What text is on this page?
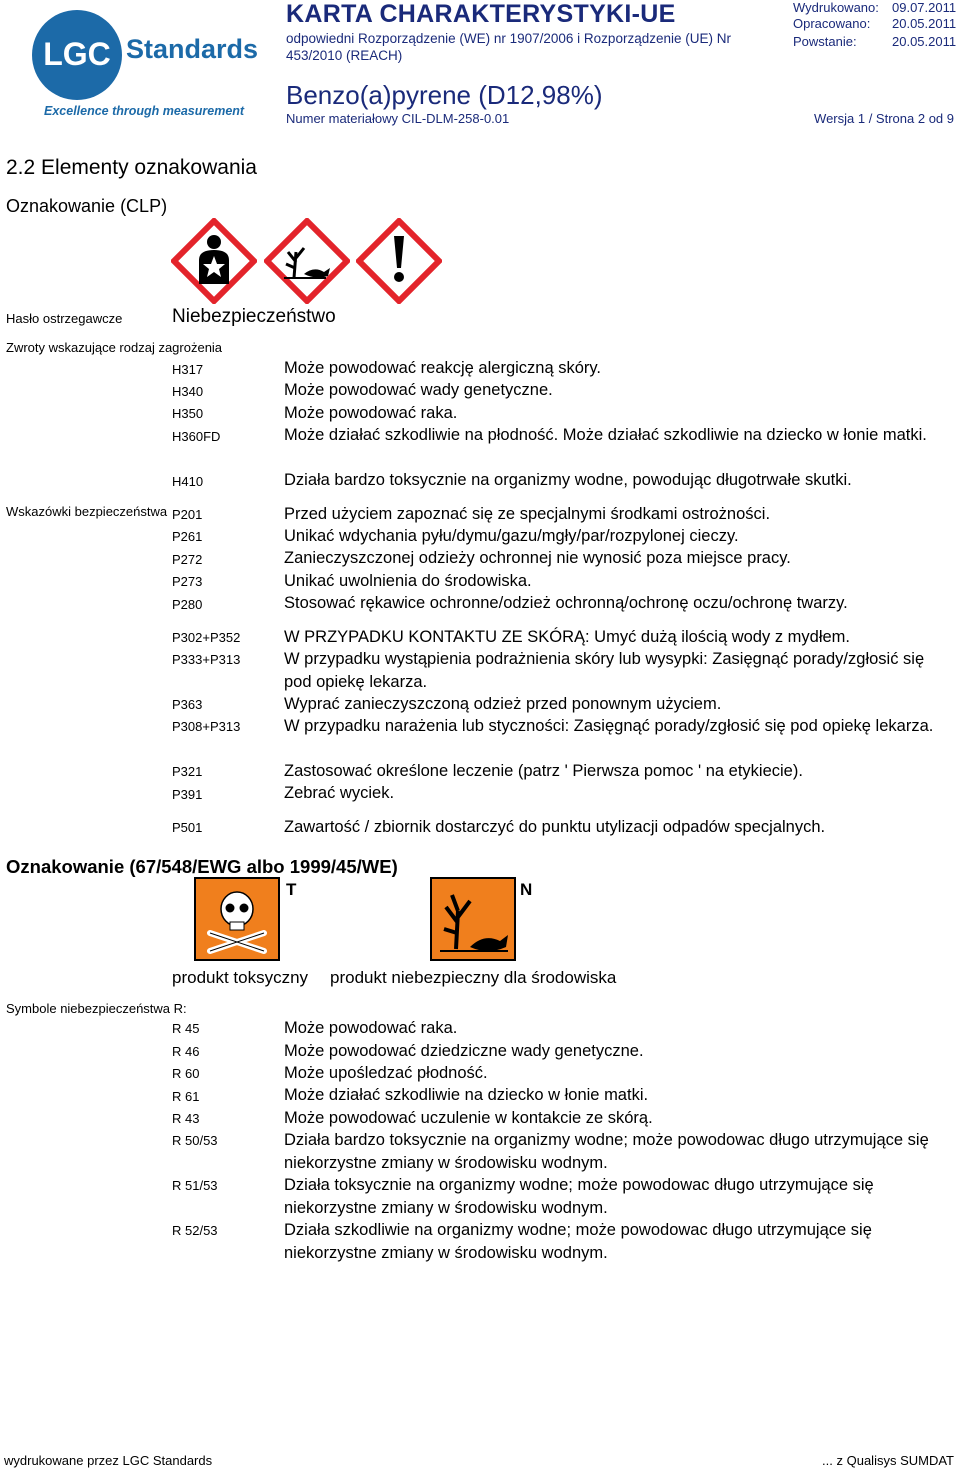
LGC Standards
Excellence through measurement
KARTA CHARAKTERYSTYKI-UE
odpowiedni Rozporządzenie (WE) nr 1907/2006 i Rozporządzenie (UE) Nr 453/2010 (REACH)
Wydrukowano: 09.07.2011
Opracowano: 20.05.2011
Powstanie:	20.05.2011
Benzo(a)pyrene (D12,98%)
Numer materiałowy CIL-DLM-258-0.01	Wersja 1 / Strona 2 od 9
2.2 Elementy oznakowania
Oznakowanie (CLP)
Hasło ostrzegawcze	Niebezpieczeństwo
Zwroty wskazujące rodzaj zagrożenia
H317	Może powodować reakcję alergiczną skóry.
H340	Może powodować wady genetyczne.
H350	Może powodować raka.
H360FD	Może działać szkodliwie na płodność. Może działać szkodliwie na dziecko w łonie matki.
H410	Działa bardzo toksycznie na organizmy wodne, powodując długotrwałe skutki.
Wskazówki bezpieczeństwa P201	Przed użyciem zapoznać się ze specjalnymi środkami ostrożności.
P261	Unikać wdychania pyłu/dymu/gazu/mgły/par/rozpylonej cieczy.
P272	Zanieczyszczonej odzieży ochronnej nie wynosić poza miejsce pracy.
P273	Unikać uwolnienia do środowiska.
P280	Stosować rękawice ochronne/odzież ochronną/ochronę oczu/ochronę twarzy.
P302+P352	W PRZYPADKU KONTAKTU ZE SKÓRĄ: Umyć dużą ilością wody z mydłem.
P333+P313	W przypadku wystąpienia podrażnienia skóry lub wysypki: Zasięgnąć porady/zgłosić się pod opiekę lekarza.
P363	Wyprać zanieczyszczoną odzież przed ponownym użyciem.
P308+P313	W przypadku narażenia lub styczności: Zasięgnąć porady/zgłosić się pod opiekę lekarza.
P321	Zastosować określone leczenie (patrz ' Pierwsza pomoc ' na etykiecie).
P391	Zebrać wyciek.
P501	Zawartość / zbiornik dostarczyć do punktu utylizacji odpadów specjalnych.
Oznakowanie (67/548/EWG albo 1999/45/WE)
T	N
produkt toksyczny produkt niebezpieczny dla środowiska
Symbole niebezpieczeństwa R:
R 45	Może powodować raka.
R 46	Może powodować dziedziczne wady genetyczne.
R 60	Może upośledzać płodność.
R 61	Może działać szkodliwie na dziecko w łonie matki.
R 43	Może powodować uczulenie w kontakcie ze skórą.
R 50/53	Działa bardzo toksycznie na organizmy wodne; może powodowac długo utrzymujące się niekorzystne zmiany w środowisku wodnym.
R 51/53	Działa toksycznie na organizmy wodne; może powodowac długo utrzymujące się niekorzystne zmiany w środowisku wodnym.
R 52/53	Działa szkodliwie na organizmy wodne; może powodowac długo utrzymujące się niekorzystne zmiany w środowisku wodnym.
wydrukowane przez LGC Standards	... z Qualisys SUMDAT
